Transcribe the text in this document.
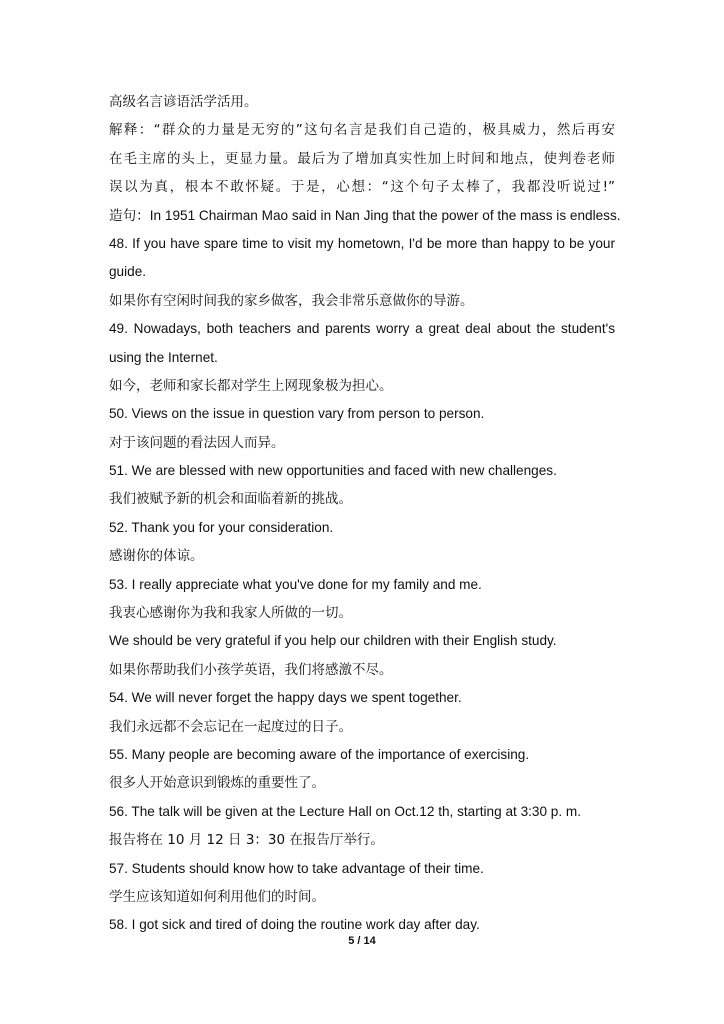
高级名言谚语活学活用。
解释：“群众的力量是无穷的”这句名言是我们自己造的，极具威力，然后再安
在毛主席的头上，更显力量。最后为了增加真实性加上时间和地点，使判卷老师
误以为真，根本不敢怀疑。于是，心想：“这个句子太棒了，我都没听说过!”
造句：In 1951 Chairman Mao said in Nan Jing that the power of the mass is endless.
48. If you have spare time to visit my hometown, I'd be more than happy to be your
guide.
如果你有空闲时间我的家乡做客，我会非常乐意做你的导游。
49. Nowadays, both teachers and parents worry a great deal about the student's
using the Internet.
如今，老师和家长都对学生上网现象极为担心。
50. Views on the issue in question vary from person to person.
对于该问题的看法因人而异。
51. We are blessed with new opportunities and faced with new challenges.
我们被赋予新的机会和面临着新的挑战。
52. Thank you for your consideration.
感谢你的体谅。
53. I really appreciate what you've done for my family and me.
我衷心感谢你为我和我家人所做的一切。
We should be very grateful if you help our children with their English study.
如果你帮助我们小孩学英语，我们将感激不尽。
54. We will never forget the happy days we spent together.
我们永远都不会忘记在一起度过的日子。
55. Many people are becoming aware of the importance of exercising.
很多人开始意识到锻炼的重要性了。
56. The talk will be given at the Lecture Hall on Oct.12 th, starting at 3:30 p. m.
报告将在 10 月 12 日 3：30 在报告厅举行。
57. Students should know how to take advantage of their time.
学生应该知道如何利用他们的时间。
58. I got sick and tired of doing the routine work day after day.
5 / 14
